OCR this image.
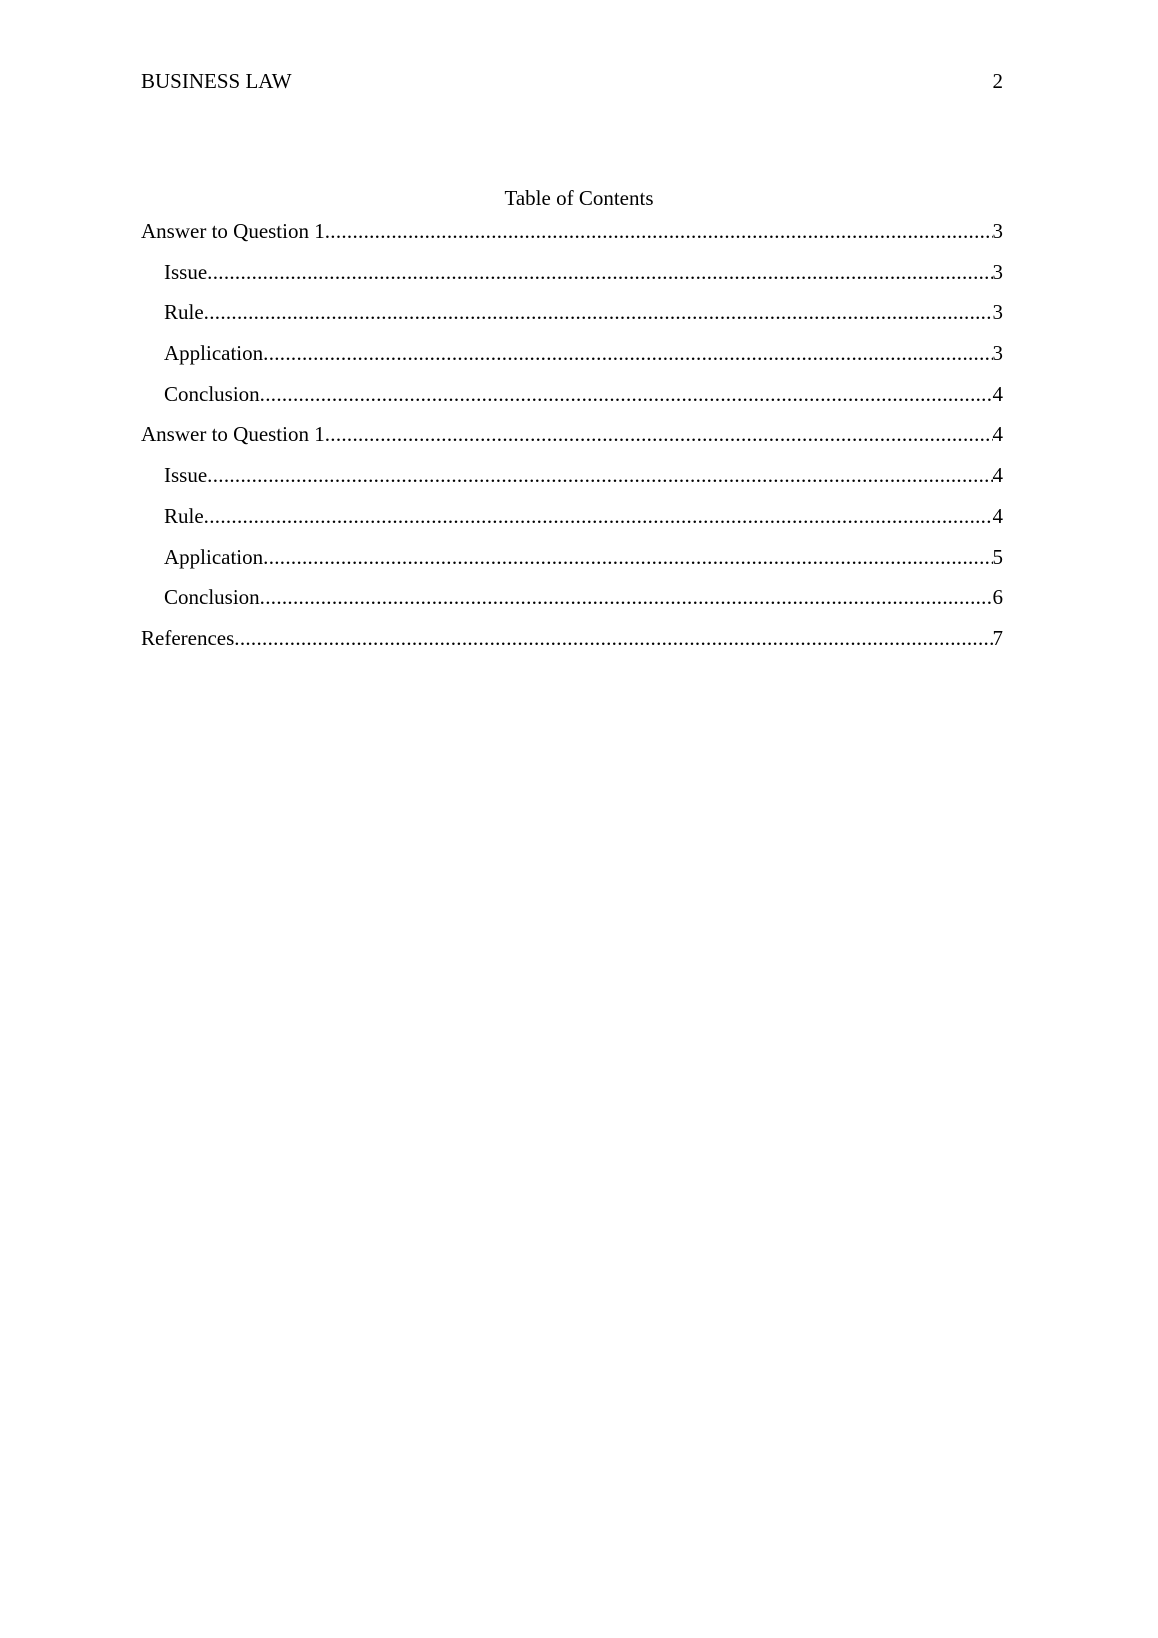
BUSINESS LAW	2
Table of Contents
Answer to Question 1 .....	3
Issue .....	3
Rule .....	3
Application .....	3
Conclusion .....	4
Answer to Question 1 .....	4
Issue .....	4
Rule .....	4
Application .....	5
Conclusion .....	6
References .....	7
